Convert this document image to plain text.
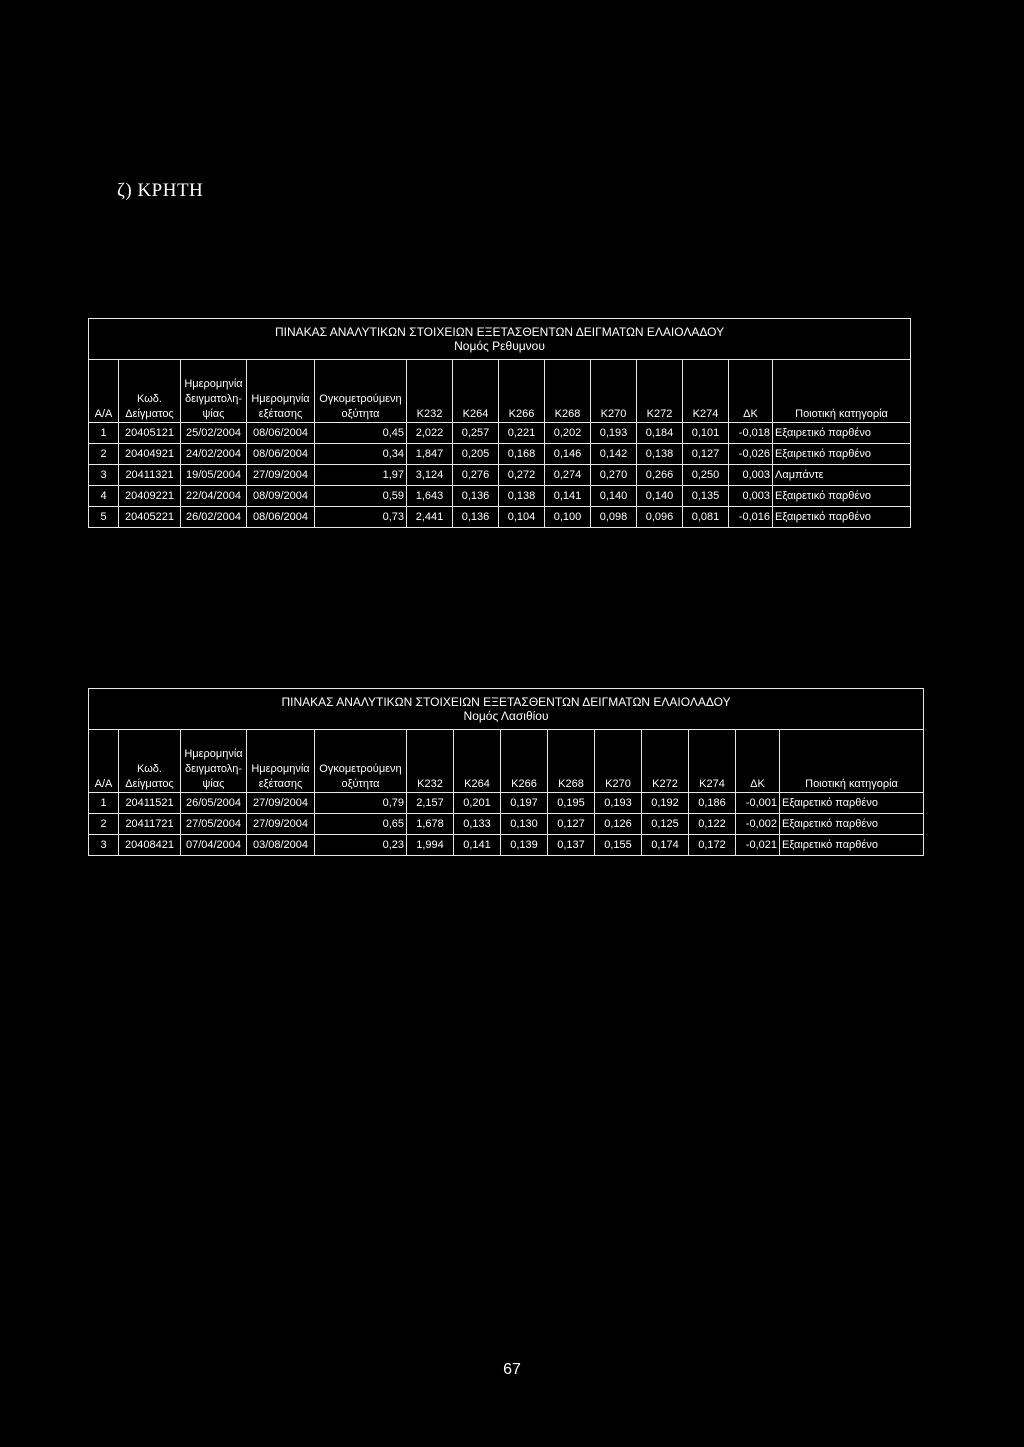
ζ) ΚΡΗΤΗ
ΠΙΝΑΚΑΣ ΑΝΑΛΥΤΙΚΩΝ ΣΤΟΙΧΕΙΩΝ ΕΞΕΤΑΣΘΕΝΤΩΝ ΔΕΙΓΜΑΤΩΝ ΕΛΑΙΟΛΑΔΟΥ													
Νομός Ρεθυμνου													
Α/Α	Κωδ. Δείγματος	Ημερομηνία δειγματολη-ψίας	Ημερομηνία εξέτασης	Ογκομετρούμενη οξύτητα	Κ232	Κ264	Κ266	Κ268	Κ270	Κ272	Κ274	ΔΚ	Ποιοτική κατηγορία
1	20405121	25/02/2004	08/06/2004	0,45	2,022	0,257	0,221	0,202	0,193	0,184	0,101	-0,018	Εξαιρετικό παρθένο
2	20404921	24/02/2004	08/06/2004	0,34	1,847	0,205	0,168	0,146	0,142	0,138	0,127	-0,026	Εξαιρετικό παρθένο
3	20411321	19/05/2004	27/09/2004	1,97	3,124	0,276	0,272	0,274	0,270	0,266	0,250	0,003	Λαμπάντε
4	20409221	22/04/2004	08/09/2004	0,59	1,643	0,136	0,138	0,141	0,140	0,140	0,135	0,003	Εξαιρετικό παρθένο
5	20405221	26/02/2004	08/06/2004	0,73	2,441	0,136	0,104	0,100	0,098	0,096	0,081	-0,016	Εξαιρετικό παρθένο
ΠΙΝΑΚΑΣ ΑΝΑΛΥΤΙΚΩΝ ΣΤΟΙΧΕΙΩΝ ΕΞΕΤΑΣΘΕΝΤΩΝ ΔΕΙΓΜΑΤΩΝ ΕΛΑΙΟΛΑΔΟΥ													
Νομός Λασιθίου													
Α/Α	Κωδ. Δείγματος	Ημερομηνία δειγματολη-ψίας	Ημερομηνία εξέτασης	Ογκομετρούμενη οξύτητα	Κ232	Κ264	Κ266	Κ268	Κ270	Κ272	Κ274	ΔΚ	Ποιοτική κατηγορία
1	20411521	26/05/2004	27/09/2004	0,79	2,157	0,201	0,197	0,195	0,193	0,192	0,186	-0,001	Εξαιρετικό παρθένο
2	20411721	27/05/2004	27/09/2004	0,65	1,678	0,133	0,130	0,127	0,126	0,125	0,122	-0,002	Εξαιρετικό παρθένο
3	20408421	07/04/2004	03/08/2004	0,23	1,994	0,141	0,139	0,137	0,155	0,174	0,172	-0,021	Εξαιρετικό παρθένο
67
